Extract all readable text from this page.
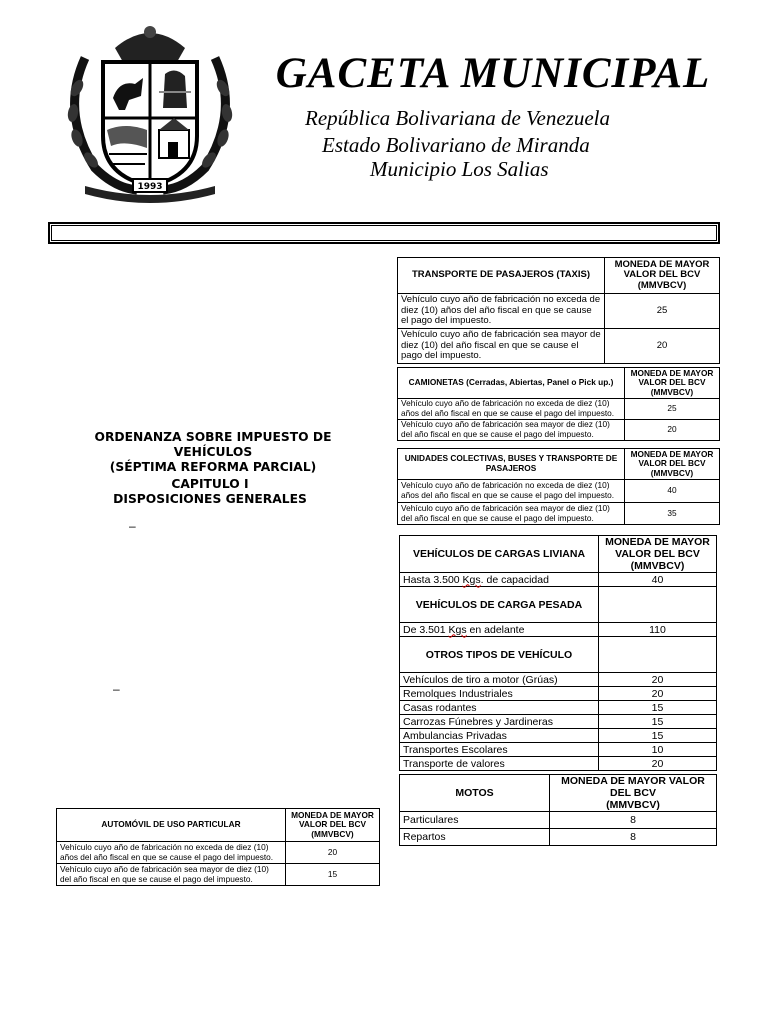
1993
GACETA MUNICIPAL
República Bolivariana de Venezuela
Estado Bolivariano de Miranda
Municipio Los Salias
ORDENANZA SOBRE IMPUESTO DE VEHÍCULOS
(SÉPTIMA REFORMA PARCIAL)
CAPITULO I
DISPOSICIONES GENERALES
–
–
TRANSPORTE DE PASAJEROS (TAXIS)	MONEDA DE MAYOR
VALOR DEL BCV
(MMVBCV)

Vehículo cuyo año de fabricación no exceda de diez (10) años del año fiscal en que se cause el pago del impuesto.	25
Vehículo cuyo año de fabricación sea mayor de diez (10) del año fiscal en que se cause el pago del impuesto.	20
CAMIONETAS (Cerradas, Abiertas, Panel o Pick up.)	MONEDA DE MAYOR
VALOR DEL BCV
(MMVBCV)

Vehículo cuyo año de fabricación no exceda de diez (10) años del año fiscal en que se cause el pago del impuesto.	25
Vehículo cuyo año de fabricación sea mayor de diez (10) del año fiscal en que se cause el pago del impuesto.	20
UNIDADES COLECTIVAS, BUSES Y TRANSPORTE DE PASAJEROS	MONEDA DE MAYOR
VALOR DEL BCV
(MMVBCV)

Vehículo cuyo año de fabricación no exceda de diez (10) años del año fiscal en que se cause el pago del impuesto.	40
Vehículo cuyo año de fabricación sea mayor de diez (10) del año fiscal en que se cause el pago del impuesto.	35
VEHÍCULOS DE CARGAS LIVIANA	MONEDA DE MAYOR
VALOR DEL BCV
(MMVBCV)

Hasta 3.500 Kgs. de capacidad	40
VEHÍCULOS DE CARGA PESADA	
De 3.501 Kgs en adelante	110
OTROS TIPOS DE VEHÍCULO	
Vehículos de tiro a motor (Grúas)	20
Remolques Industriales	20
Casas rodantes	15
Carrozas Fúnebres y Jardineras	15
Ambulancias Privadas	15
Transportes Escolares	10
Transporte de valores	20
MOTOS	MONEDA DE MAYOR VALOR
DEL BCV
(MMVBCV)

Particulares	8
Repartos	8
AUTOMÓVIL DE USO PARTICULAR	MONEDA DE MAYOR
VALOR DEL BCV
(MMVBCV)

Vehículo cuyo año de fabricación no exceda de diez (10) años del año fiscal en que se cause el pago del impuesto.	20
Vehículo cuyo año de fabricación sea mayor de diez (10) del año fiscal en que se cause el pago del impuesto.	15
